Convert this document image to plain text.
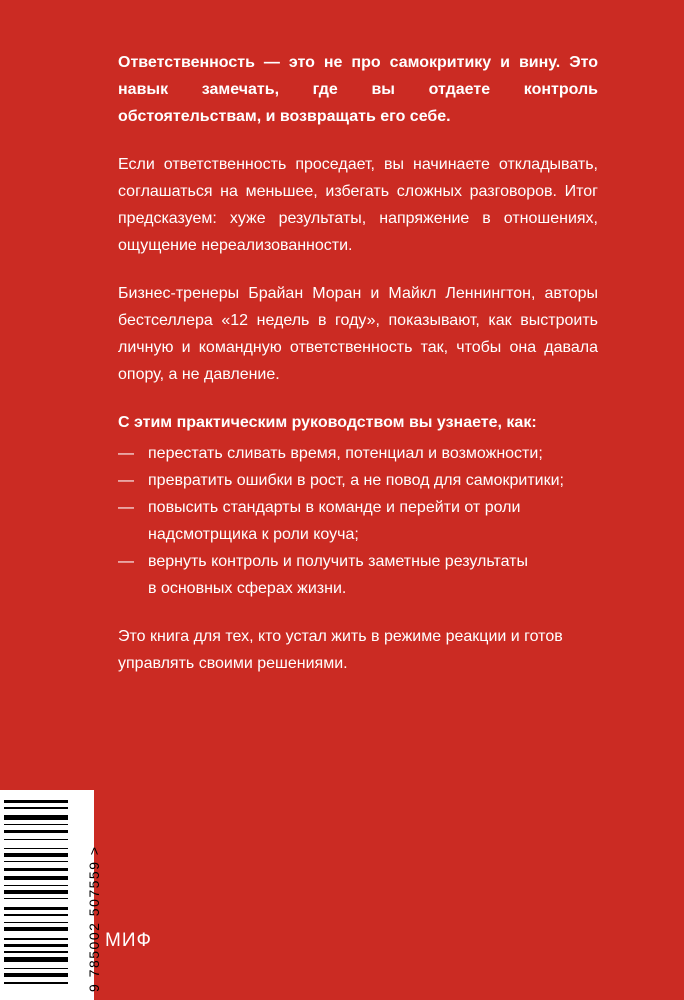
Ответственность — это не про самокритику и вину. Это навык замечать, где вы отдаете контроль обстоятельствам, и возвращать его себе.

Если ответственность проседает, вы начинаете откладывать, соглашаться на меньшее, избегать сложных разговоров. Итог предсказуем: хуже результаты, напряжение в отношениях, ощущение нереализованности.

Бизнес-тренеры Брайан Моран и Майкл Леннингтон, авторы бестселлера «12 недель в году», показывают, как выстроить личную и командную ответственность так, чтобы она давала опору, а не давление.

С этим практическим руководством вы узнаете, как:

— перестать сливать время, потенциал и возможности;
— превратить ошибки в рост, а не повод для самокритики;
— повысить стандарты в команде и перейти от роли
надсмотрщика к роли коуча;
— вернуть контроль и получить заметные результаты
в основных сферах жизни.

Это книга для тех, кто устал жить в режиме реакции и готов управлять своими решениями.

9 785002 507559 > МИФ
